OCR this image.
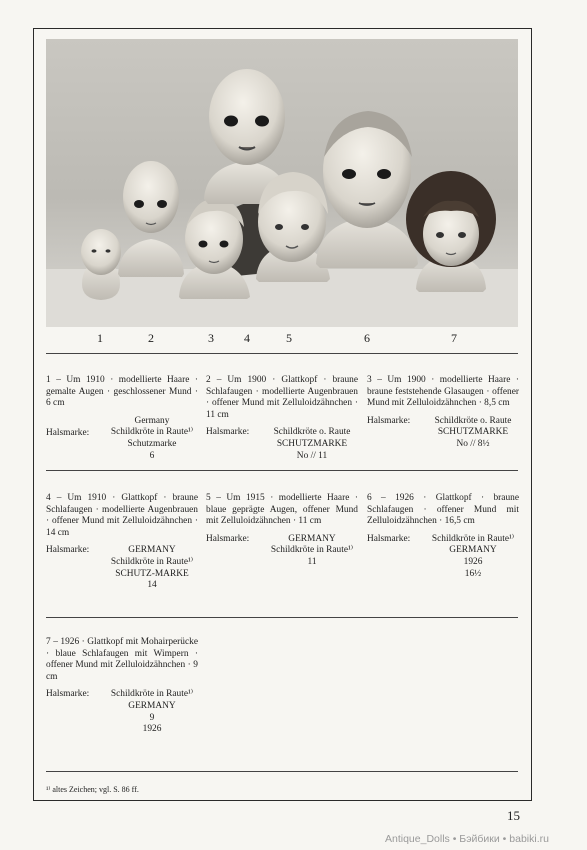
1	2	3	4	5	6	7
1 – Um 1910 · modellierte Haare · gemalte Augen · geschlossener Mund · 6 cm
Halsmarke:
Germany
Schildkröte in Raute¹⁾
Schutzmarke
6
2 – Um 1900 · Glattkopf · braune Schlafaugen · modellierte Augenbrauen · offener Mund mit Zelluloidzähnchen · 11 cm
Halsmarke:	Schildkröte o. Raute
SCHUTZMARKE
No // 11
3 – Um 1900 · modellierte Haare · braune feststehende Glasaugen · offener Mund mit Zelluloidzähnchen · 8,5 cm
Halsmarke:	Schildkröte o. Raute
SCHUTZMARKE
No // 8½
4 – Um 1910 · Glattkopf · braune Schlafaugen · modellierte Augenbrauen · offener Mund mit Zelluloidzähnchen · 14 cm
Halsmarke:	GERMANY
Schildkröte in Raute¹⁾
SCHUTZ-MARKE
14
5 – Um 1915 · modellierte Haare · blaue geprägte Augen, offener Mund mit Zelluloidzähnchen · 11 cm
Halsmarke:	GERMANY
Schildkröte in Raute¹⁾
11
6 – 1926 · Glattkopf · braune Schlafaugen · offener Mund mit Zelluloidzähnchen · 16,5 cm
Halsmarke:	Schildkröte in Raute¹⁾
GERMANY
1926
16½
7 – 1926 · Glattkopf mit Mohairperücke · blaue Schlafaugen mit Wimpern · offener Mund mit Zelluloidzähnchen · 9 cm
Halsmarke:	Schildkröte in Raute¹⁾
GERMANY
9
1926
¹⁾ altes Zeichen; vgl. S. 86 ff.
15
Antique_Dolls • Бэйбики • babiki.ru
